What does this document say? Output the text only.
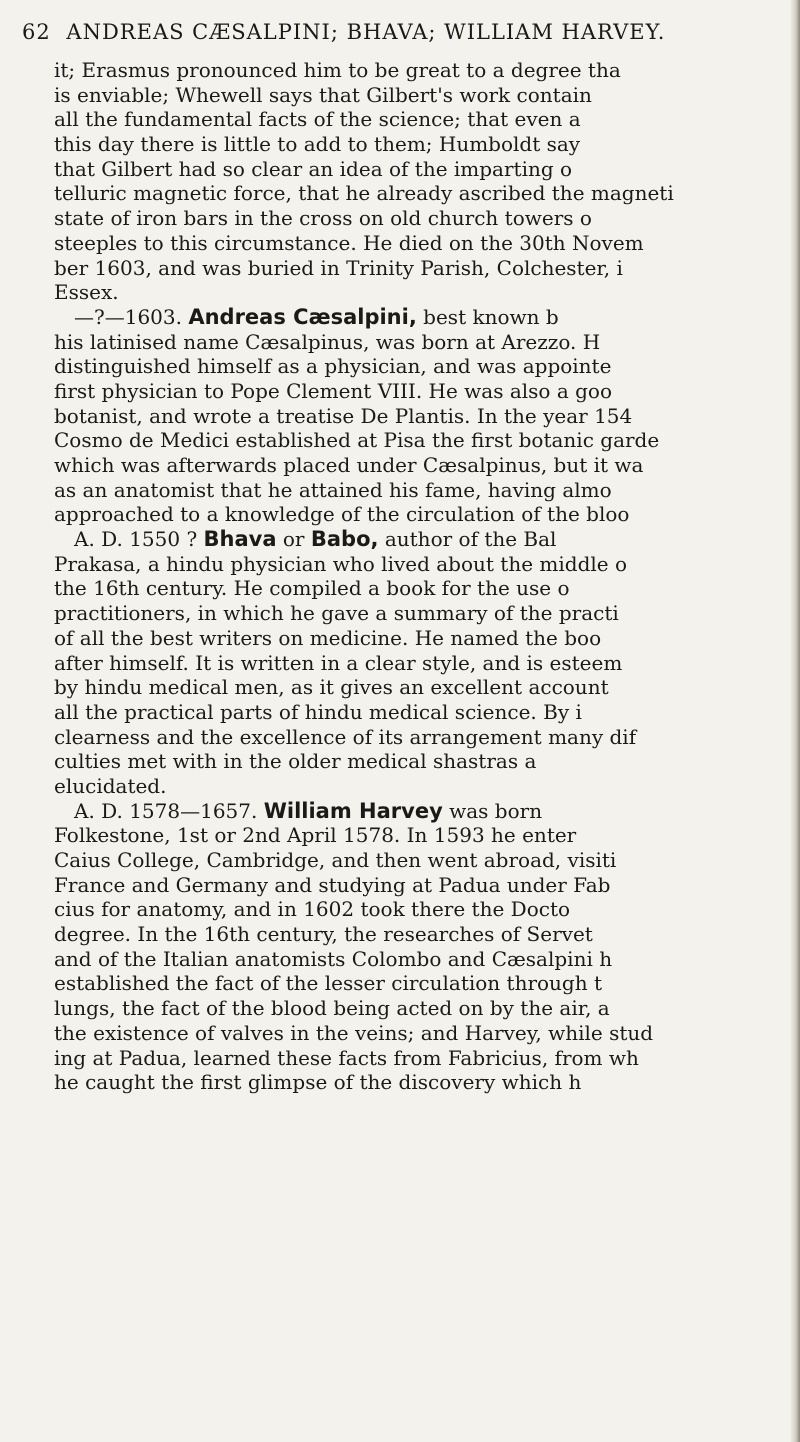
62 ANDREAS CÆSALPINI; BHAVA; WILLIAM HARVEY.
it; Erasmus pronounced him to be great to a degree tha
is enviable; Whewell says that Gilbert's work contain
all the fundamental facts of the science; that even a
this day there is little to add to them; Humboldt say
that Gilbert had so clear an idea of the imparting o
telluric magnetic force, that he already ascribed the magneti
state of iron bars in the cross on old church towers o
steeples to this circumstance. He died on the 30th Novem
ber 1603, and was buried in Trinity Parish, Colchester, i
Essex.
—?—1603. Andreas Cæsalpini, best known b
his latinised name Cæsalpinus, was born at Arezzo. H
distinguished himself as a physician, and was appointe
first physician to Pope Clement VIII. He was also a goo
botanist, and wrote a treatise De Plantis. In the year 154
Cosmo de Medici established at Pisa the first botanic garde
which was afterwards placed under Cæsalpinus, but it wa
as an anatomist that he attained his fame, having almo
approached to a knowledge of the circulation of the bloo
A. D. 1550 ? Bhava or Babo, author of the Bal
Prakasa, a hindu physician who lived about the middle o
the 16th century. He compiled a book for the use o
practitioners, in which he gave a summary of the practi
of all the best writers on medicine. He named the boo
after himself. It is written in a clear style, and is esteem
by hindu medical men, as it gives an excellent account
all the practical parts of hindu medical science. By i
clearness and the excellence of its arrangement many dif
culties met with in the older medical shastras a
elucidated.
A. D. 1578—1657. William Harvey was born
Folkestone, 1st or 2nd April 1578. In 1593 he enter
Caius College, Cambridge, and then went abroad, visiti
France and Germany and studying at Padua under Fab
cius for anatomy, and in 1602 took there the Docto
degree. In the 16th century, the researches of Servet
and of the Italian anatomists Colombo and Cæsalpini h
established the fact of the lesser circulation through t
lungs, the fact of the blood being acted on by the air, a
the existence of valves in the veins; and Harvey, while stud
ing at Padua, learned these facts from Fabricius, from wh
he caught the first glimpse of the discovery which h
